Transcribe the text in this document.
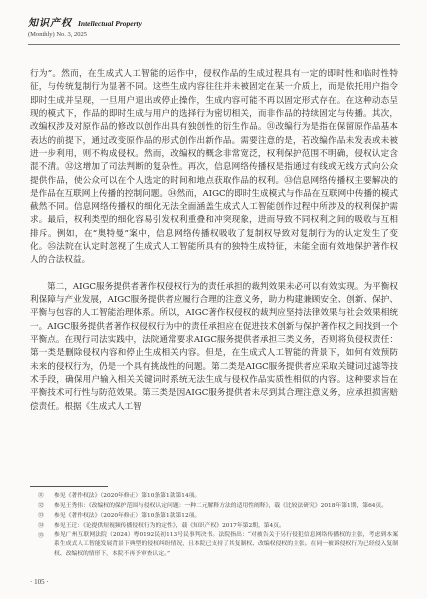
知识产权 Intellectual Property
(Monthly) No. 3, 2025

行为”。然而，在生成式人工智能的运作中，侵权作品的生成过程具有一定的即时性和临时性特征，与传统复制行为显著不同。这些生成内容往往并未被固定在某一介质上，而是依托用户指令即时生成并呈现，一旦用户退出或停止操作，生成内容可能不再以固定形式存在。在这种动态呈现的模式下，作品的即时生成与用户的选择行为密切相关，而非作品的持续固定与传播。其次，改编权涉及对原作品的修改以创作出具有独创性的衍生作品。㉛改编行为是指在保留原作品基本表达的前提下，通过改变原作品的形式创作出新作品。需要注意的是，若改编作品未发表或未被进一步利用，则不构成侵权。然而，改编权的概念非常宽泛，权利保护范围不明确，侵权认定含混不清。㉜这增加了司法判断的复杂性。再次，信息网络传播权是指通过有线或无线方式向公众提供作品，使公众可以在个人选定的时间和地点获取作品的权利。㉝信息网络传播权主要解决的是作品在互联网上传播的控制问题。㉞然而，AIGC的即时生成模式与作品在互联网中传播的模式截然不同。信息网络传播权的细化无法全面涵盖生成式人工智能创作过程中所涉及的权利保护需求。最后，权利类型的细化容易引发权利重叠和冲突现象，进而导致不同权利之间的吸收与互相排斥。例如，在“奥特曼”案中，信息网络传播权吸收了复制权导致对复制行为的认定发生了变化。㉟法院在认定时忽视了生成式人工智能所具有的独特生成特征，未能全面有效地保护著作权人的合法权益。

第二，AIGC服务提供者著作权侵权行为的责任承担的裁判效果未必可以有效实现。为平衡权利保障与产业发展，AIGC服务提供者应履行合理的注意义务，助力构建兼顾安全、创新、保护、平衡与包容的人工智能治理体系。所以，AIGC著作权侵权的裁判应坚持法律效果与社会效果相统一。AIGC服务提供者著作权侵权行为中的责任承担应在促进技术创新与保护著作权之间找到一个平衡点。在现行司法实践中，法院通常要求AIGC服务提供者承担三类义务，否则将负侵权责任：第一类是删除侵权内容和停止生成相关内容。但是，在生成式人工智能的背景下，如何有效预防未来的侵权行为，仍是一个具有挑战性的问题。第二类是AIGC服务提供者应采取关键词过滤等技术手段，确保用户输入相关关键词时系统无法生成与侵权作品实质性相似的内容。这种要求旨在平衡技术可行性与防范效果。第三类是因AIGC服务提供者未尽到其合理注意义务，应承担损害赔偿责任。根据《生成式人工智

㉛	参见《著作权法》（2020年修正）第10条第1款第14项。
㉜	参见王秀伟：《改编权的保护范围与侵权认定问题：一种二元解释方法的适用性阐释》，载《比较法研究》2018年第1期，第64页。
㉝	参见《著作权法》（2020年修正）第10条第1款第12项。
㉞	参见王迁：《论提供短视频传播侵权行为的定性》，载《知识产权》2017年第2期，第4页。
㉟	参见广州互联网法院（2024）粤0192民初113号民事判决书。法院指出：“对被告关于另行侵犯信息网络传播权的主张，考虑到本案系生成式人工智能发展背景下典型的侵权纠纷情况，且本院已支持了其复制权、改编权侵权的主张。在同一被诉侵权行为已经侵入复制权、改编权的情形下，本院不再予审查认定。”
· 105 ·
